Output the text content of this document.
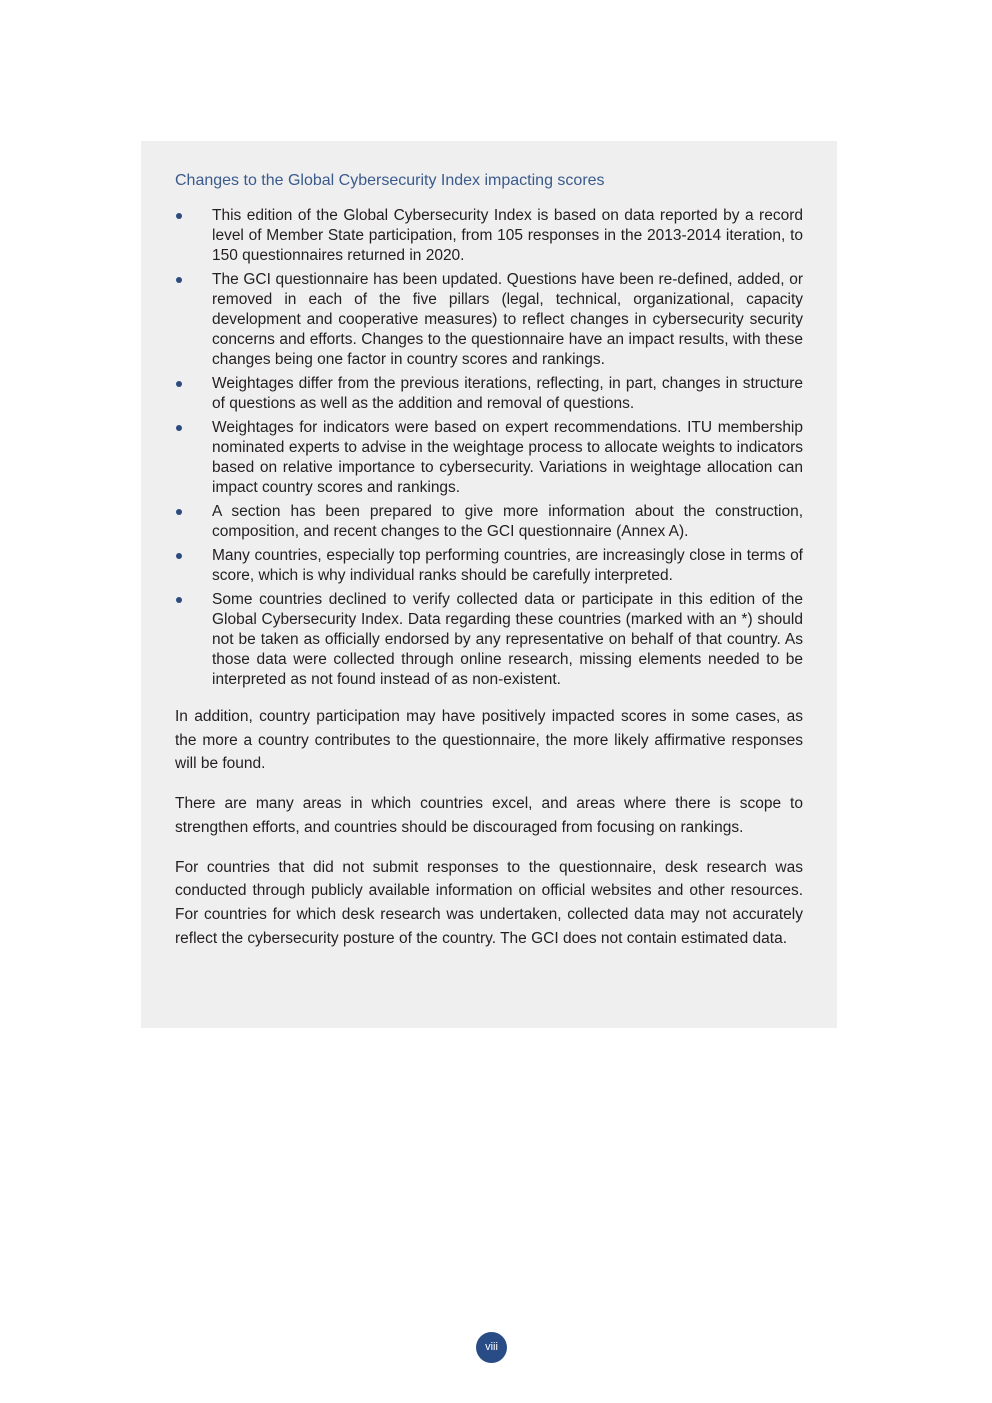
Changes to the Global Cybersecurity Index impacting scores
This edition of the Global Cybersecurity Index is based on data reported by a record level of Member State participation, from 105 responses in the 2013-2014 iteration, to 150 questionnaires returned in 2020.
The GCI questionnaire has been updated. Questions have been re-defined, added, or removed in each of the five pillars (legal, technical, organizational, capacity development and cooperative measures) to reflect changes in cybersecurity security concerns and efforts. Changes to the questionnaire have an impact results, with these changes being one factor in country scores and rankings.
Weightages differ from the previous iterations, reflecting, in part, changes in structure of questions as well as the addition and removal of questions.
Weightages for indicators were based on expert recommendations. ITU membership nominated experts to advise in the weightage process to allocate weights to indicators based on relative importance to cybersecurity. Variations in weightage allocation can impact country scores and rankings.
A section has been prepared to give more information about the construction, composition, and recent changes to the GCI questionnaire (Annex A).
Many countries, especially top performing countries, are increasingly close in terms of score, which is why individual ranks should be carefully interpreted.
Some countries declined to verify collected data or participate in this edition of the Global Cybersecurity Index. Data regarding these countries (marked with an *) should not be taken as officially endorsed by any representative on behalf of that country. As those data were collected through online research, missing elements needed to be interpreted as not found instead of as non-existent.

In addition, country participation may have positively impacted scores in some cases, as the more a country contributes to the questionnaire, the more likely affirmative responses will be found.

There are many areas in which countries excel, and areas where there is scope to strengthen efforts, and countries should be discouraged from focusing on rankings.

For countries that did not submit responses to the questionnaire, desk research was conducted through publicly available information on official websites and other resources. For countries for which desk research was undertaken, collected data may not accurately reflect the cybersecurity posture of the country. The GCI does not contain estimated data.

viii
